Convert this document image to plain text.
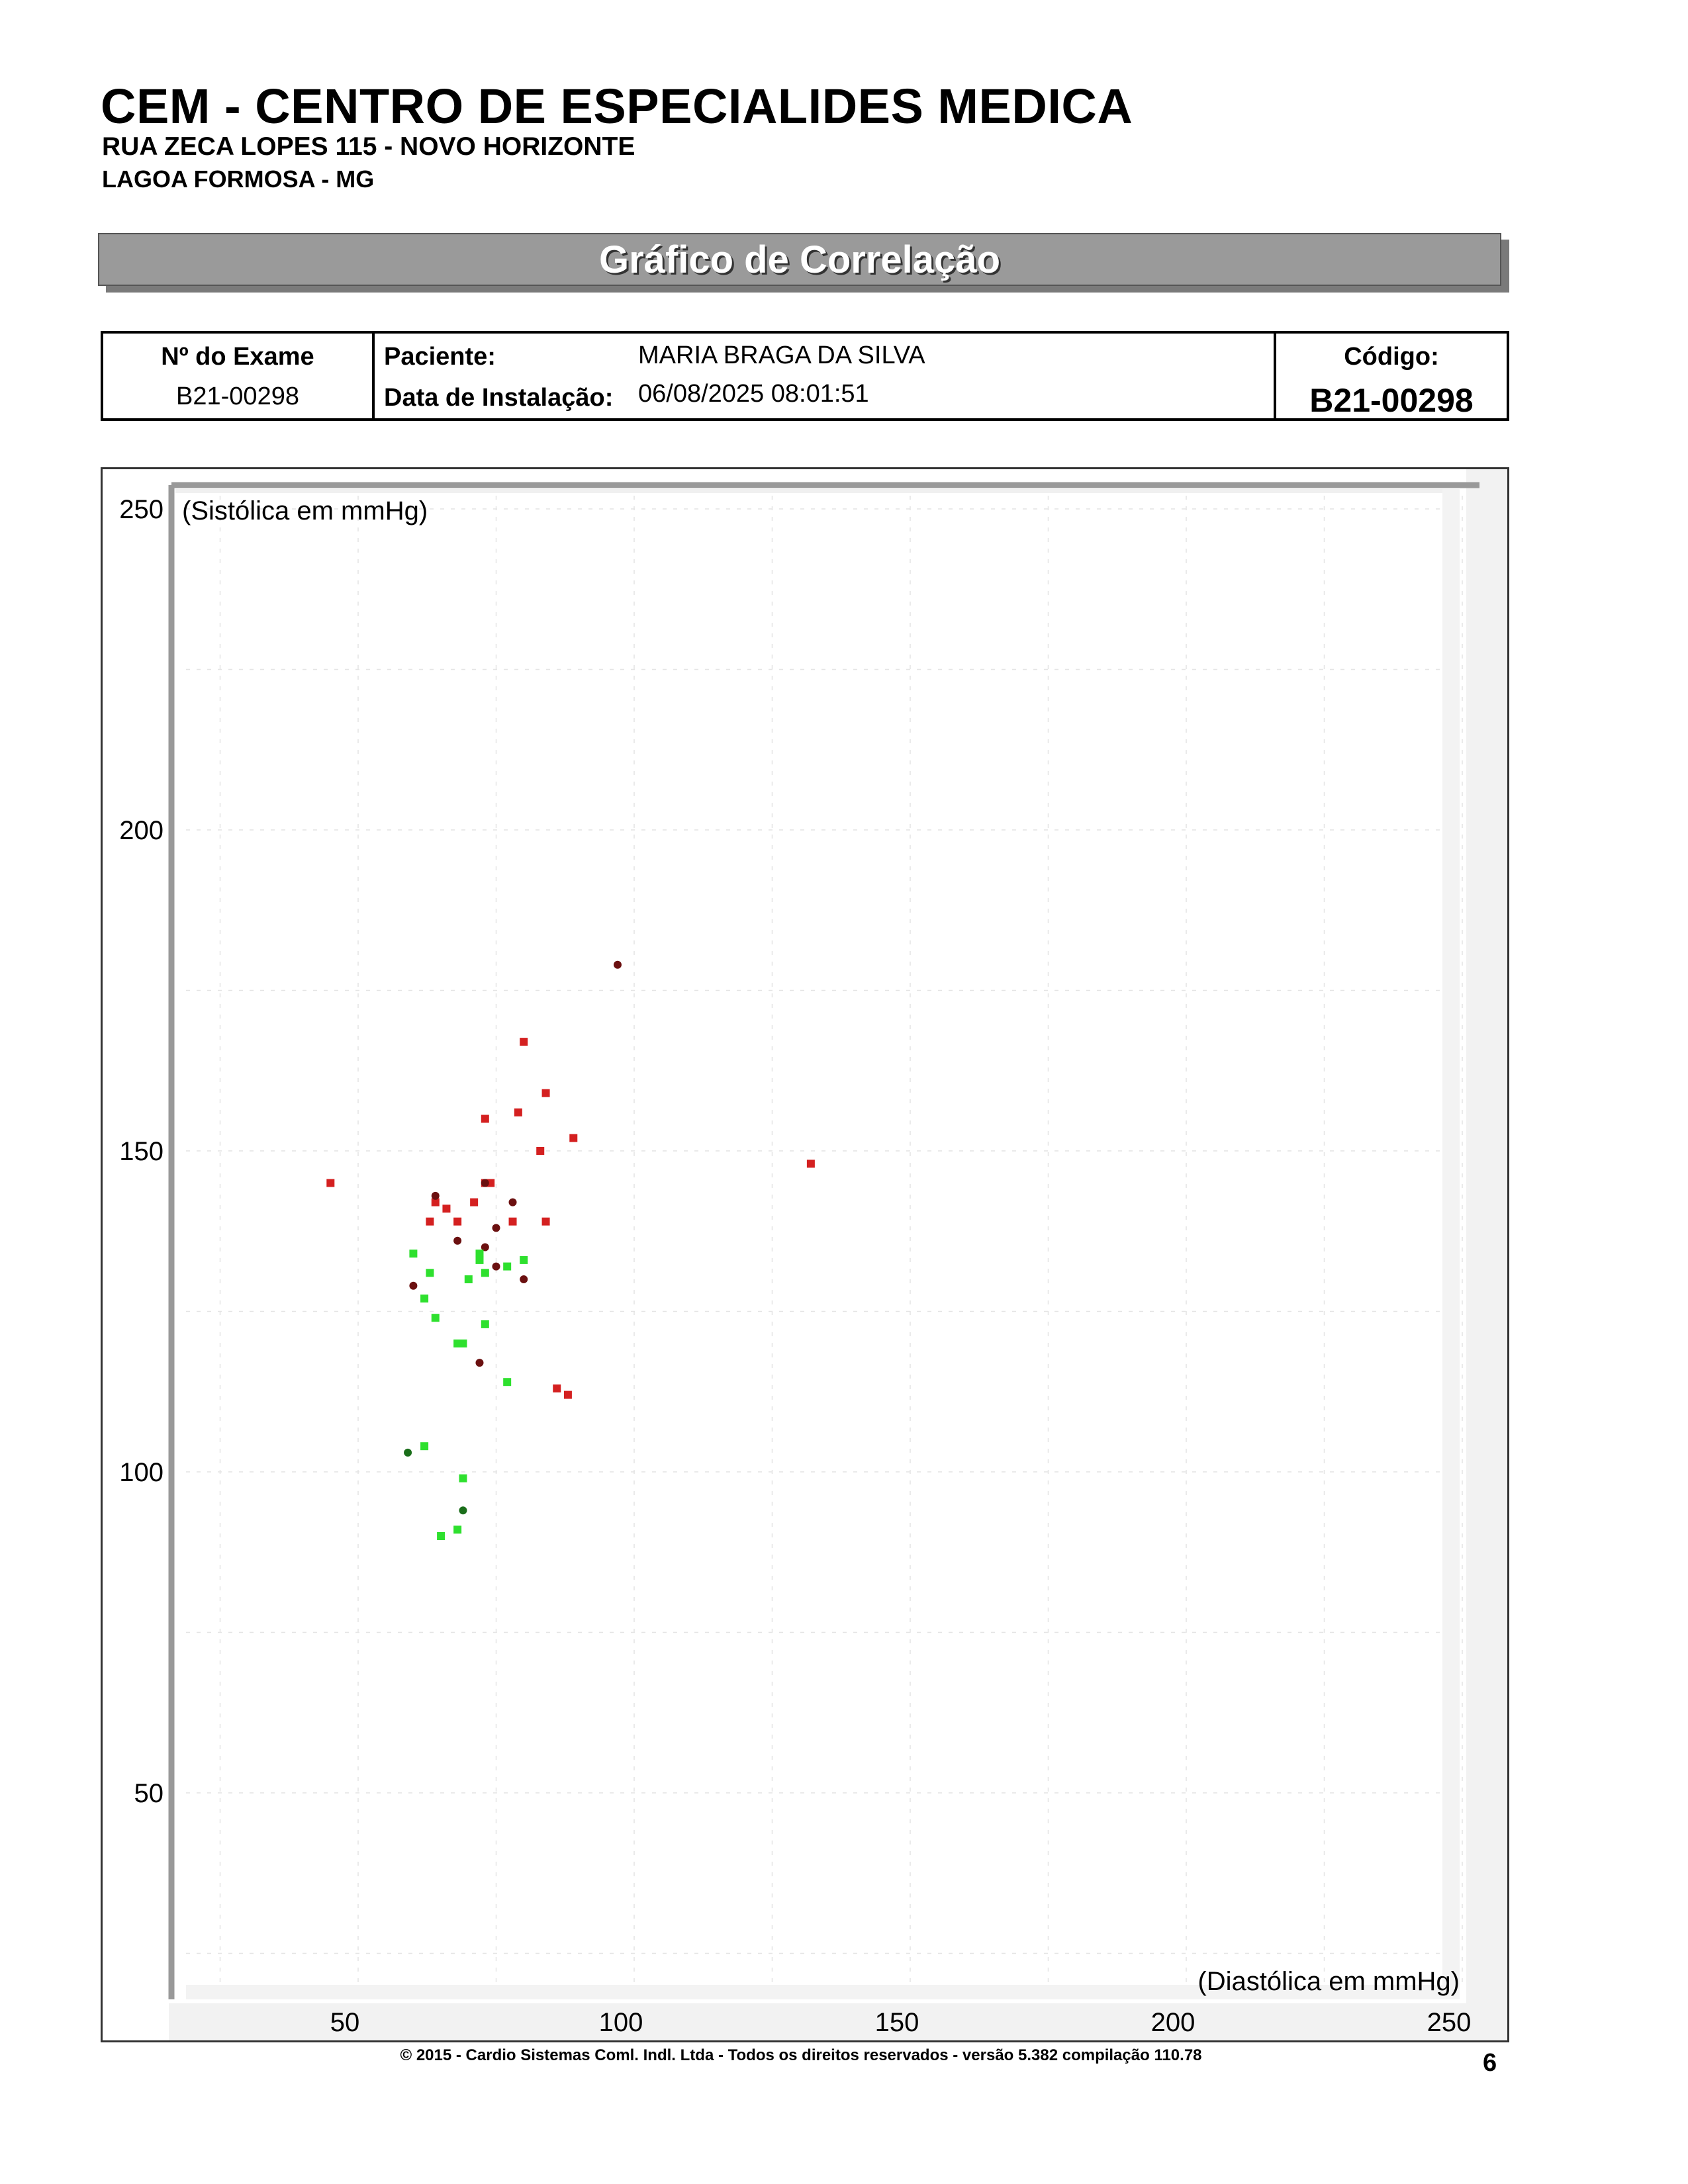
CEM - CENTRO DE ESPECIALIDES MEDICA
RUA ZECA LOPES 115 - NOVO HORIZONTE
LAGOA FORMOSA - MG
Gráfico de Correlação
Nº do Exame
B21-00298
Paciente:	MARIA BRAGA DA SILVA
Data de Instalação: 06/08/2025 08:01:51
Código:
B21-00298
50
100
150
200
250
50	100	150	200	250
(Sistólica em mmHg)
(Diastólica em mmHg)
© 2015 - Cardio Sistemas Coml. Indl. Ltda - Todos os direitos reservados - versão 5.382 compilação 110.78	6
